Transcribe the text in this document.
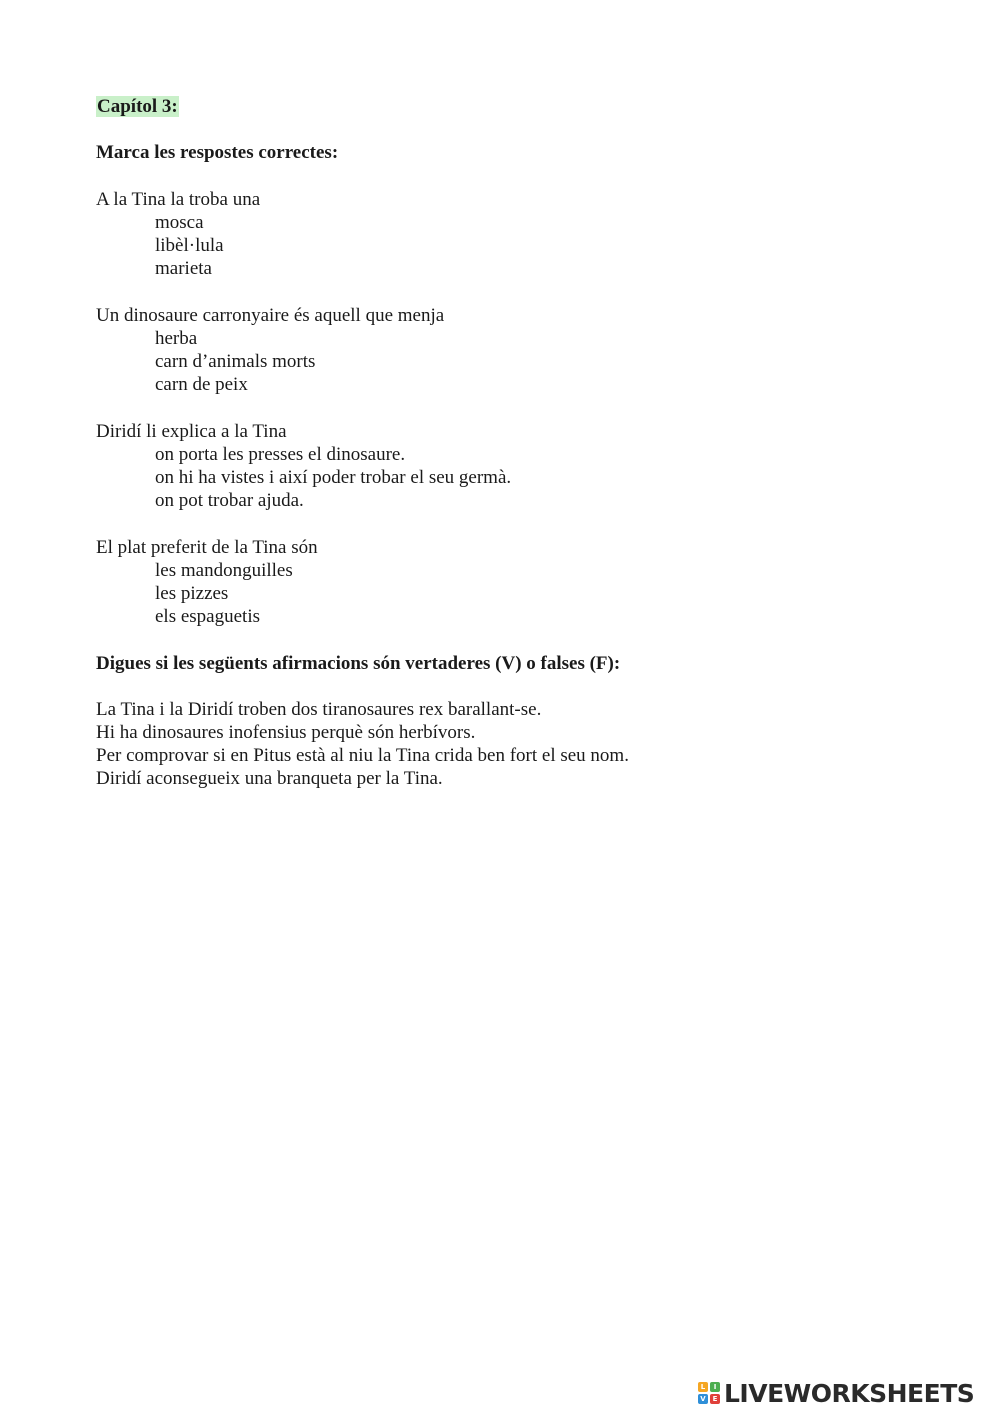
Capítol 3:
Marca les respostes correctes:
A la Tina la troba una
mosca
libèl·lula
marieta
Un dinosaure carronyaire és aquell que menja
herba
carn d’animals morts
carn de peix
Diridí li explica a la Tina
on porta les presses el dinosaure.
on hi ha vistes i així poder trobar el seu germà.
on pot trobar ajuda.
El plat preferit de la Tina són
les mandonguilles
les pizzes
els espaguetis
Digues si les següents afirmacions són vertaderes (V) o falses (F):
La Tina i la Diridí troben dos tiranosaures rex barallant-se.
Hi ha dinosaures inofensius perquè són herbívors.
Per comprovar si en Pitus està al niu la Tina crida ben fort el seu nom.
Diridí aconsegueix una branqueta per la Tina.
L	I
V E LIVEWORKSHEETS
